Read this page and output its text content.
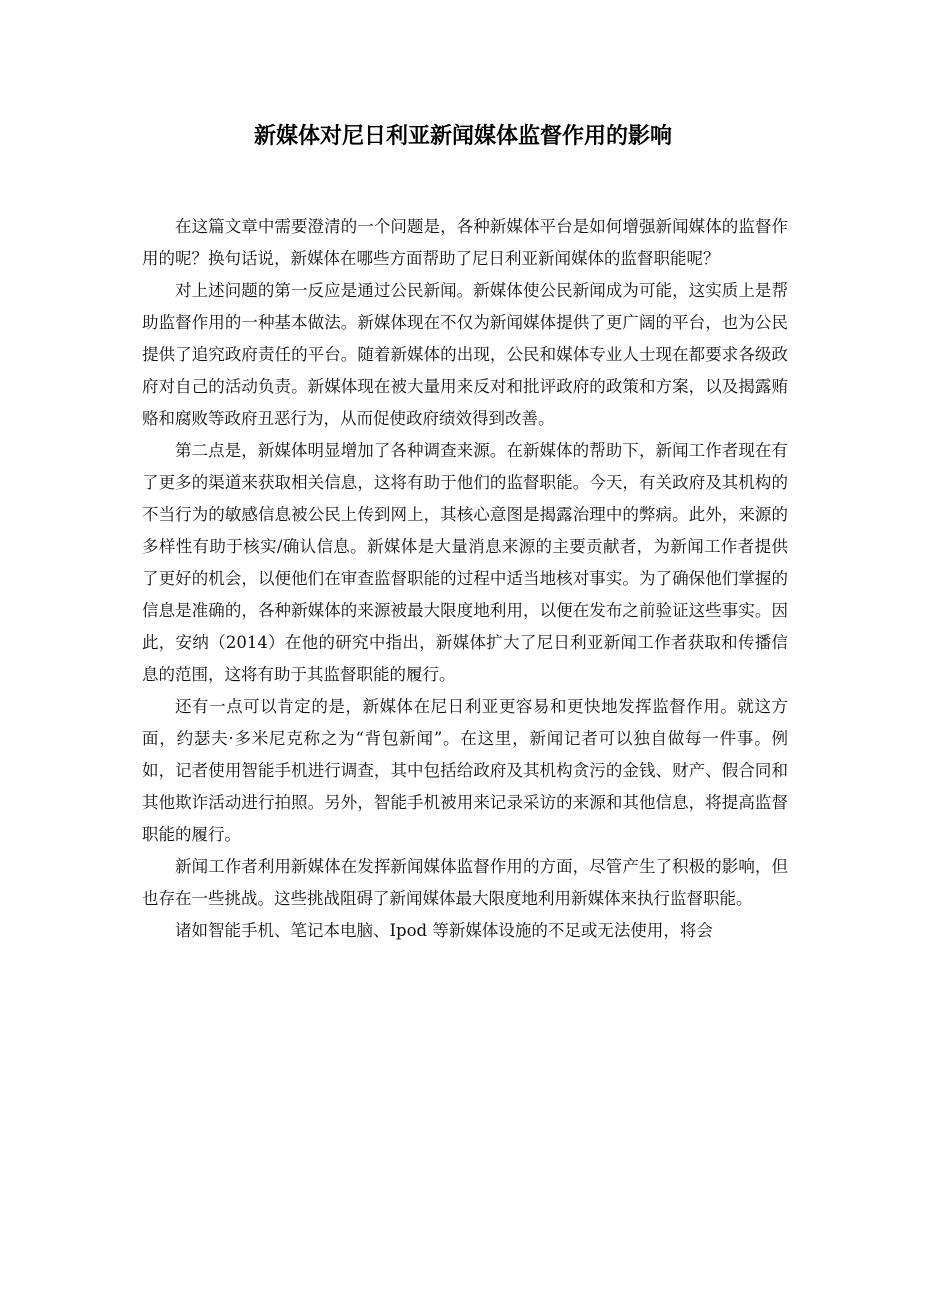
新媒体对尼日利亚新闻媒体监督作用的影响

在这篇文章中需要澄清的一个问题是，各种新媒体平台是如何增强新闻媒体的监督作用的呢？换句话说，新媒体在哪些方面帮助了尼日利亚新闻媒体的监督职能呢？

对上述问题的第一反应是通过公民新闻。新媒体使公民新闻成为可能，这实质上是帮助监督作用的一种基本做法。新媒体现在不仅为新闻媒体提供了更广阔的平台，也为公民提供了追究政府责任的平台。随着新媒体的出现，公民和媒体专业人士现在都要求各级政府对自己的活动负责。新媒体现在被大量用来反对和批评政府的政策和方案，以及揭露贿赂和腐败等政府丑恶行为，从而促使政府绩效得到改善。

第二点是，新媒体明显增加了各种调查来源。在新媒体的帮助下，新闻工作者现在有了更多的渠道来获取相关信息，这将有助于他们的监督职能。今天，有关政府及其机构的不当行为的敏感信息被公民上传到网上，其核心意图是揭露治理中的弊病。此外，来源的多样性有助于核实/确认信息。新媒体是大量消息来源的主要贡献者，为新闻工作者提供了更好的机会，以便他们在审查监督职能的过程中适当地核对事实。为了确保他们掌握的信息是准确的，各种新媒体的来源被最大限度地利用，以便在发布之前验证这些事实。因此，安纳（2014）在他的研究中指出，新媒体扩大了尼日利亚新闻工作者获取和传播信息的范围，这将有助于其监督职能的履行。

还有一点可以肯定的是，新媒体在尼日利亚更容易和更快地发挥监督作用。就这方面，约瑟夫·多米尼克称之为“背包新闻”。在这里，新闻记者可以独自做每一件事。例如，记者使用智能手机进行调查，其中包括给政府及其机构贪污的金钱、财产、假合同和其他欺诈活动进行拍照。另外，智能手机被用来记录采访的来源和其他信息，将提高监督职能的履行。

新闻工作者利用新媒体在发挥新闻媒体监督作用的方面，尽管产生了积极的影响，但也存在一些挑战。这些挑战阻碍了新闻媒体最大限度地利用新媒体来执行监督职能。

诸如智能手机、笔记本电脑、Ipod 等新媒体设施的不足或无法使用，将会
